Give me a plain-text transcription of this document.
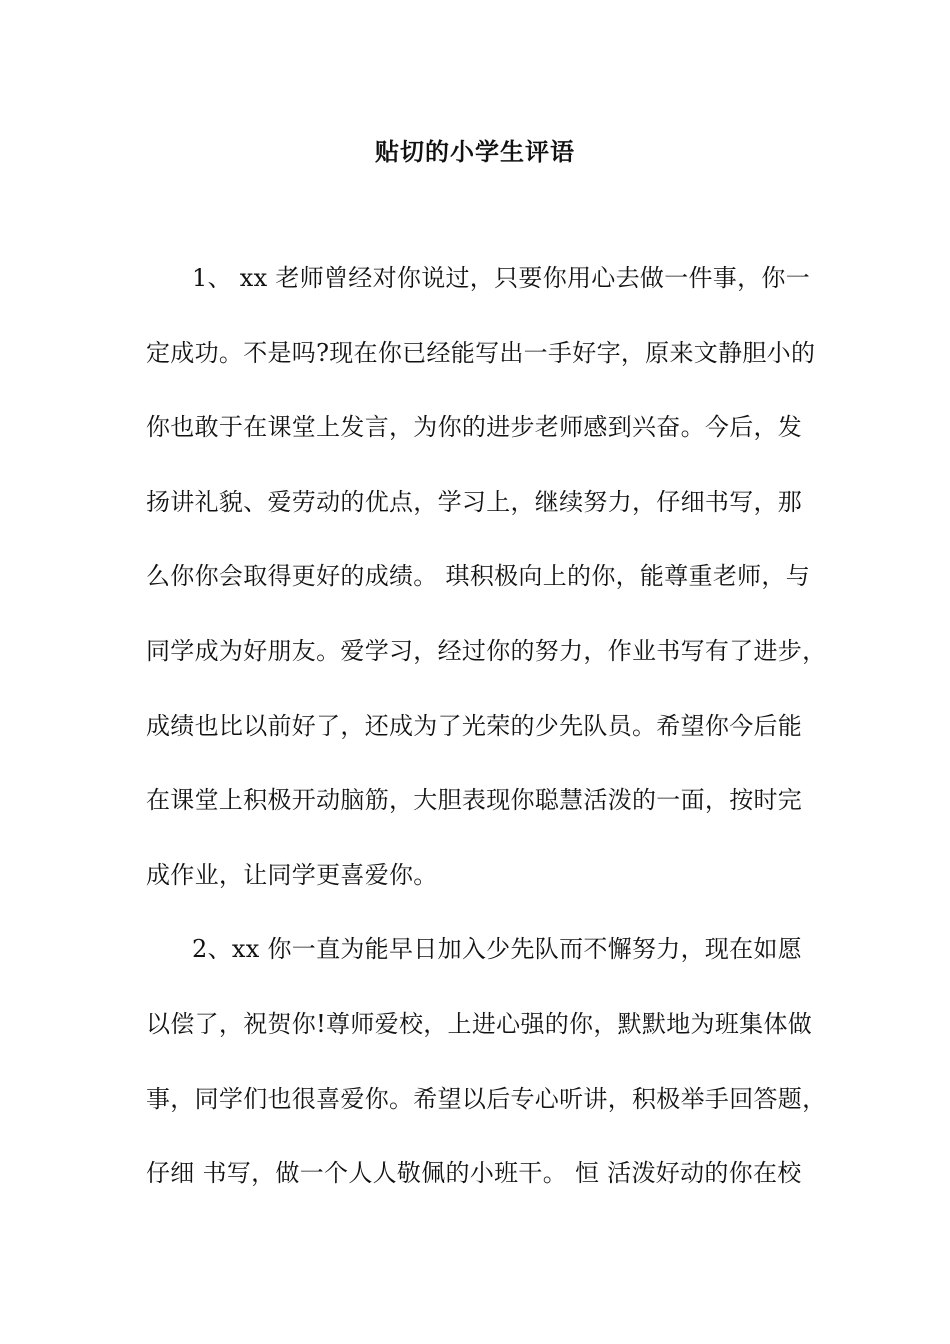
贴切的小学生评语
1、 xx 老师曾经对你说过，只要你用心去做一件事，你一
定成功。不是吗?现在你已经能写出一手好字，原来文静胆小的
你也敢于在课堂上发言，为你的进步老师感到兴奋。今后，发
扬讲礼貌、爱劳动的优点，学习上，继续努力，仔细书写，那
么你你会取得更好的成绩。 琪积极向上的你，能尊重老师，与
同学成为好朋友。爱学习，经过你的努力，作业书写有了进步，
成绩也比以前好了，还成为了光荣的少先队员。希望你今后能
在课堂上积极开动脑筋，大胆表现你聪慧活泼的一面，按时完
成作业，让同学更喜爱你。
2、xx 你一直为能早日加入少先队而不懈努力，现在如愿
以偿了，祝贺你!尊师爱校，上进心强的你，默默地为班集体做
事，同学们也很喜爱你。希望以后专心听讲，积极举手回答题，
仔细 书写，做一个人人敬佩的小班干。 恒 活泼好动的你在校
